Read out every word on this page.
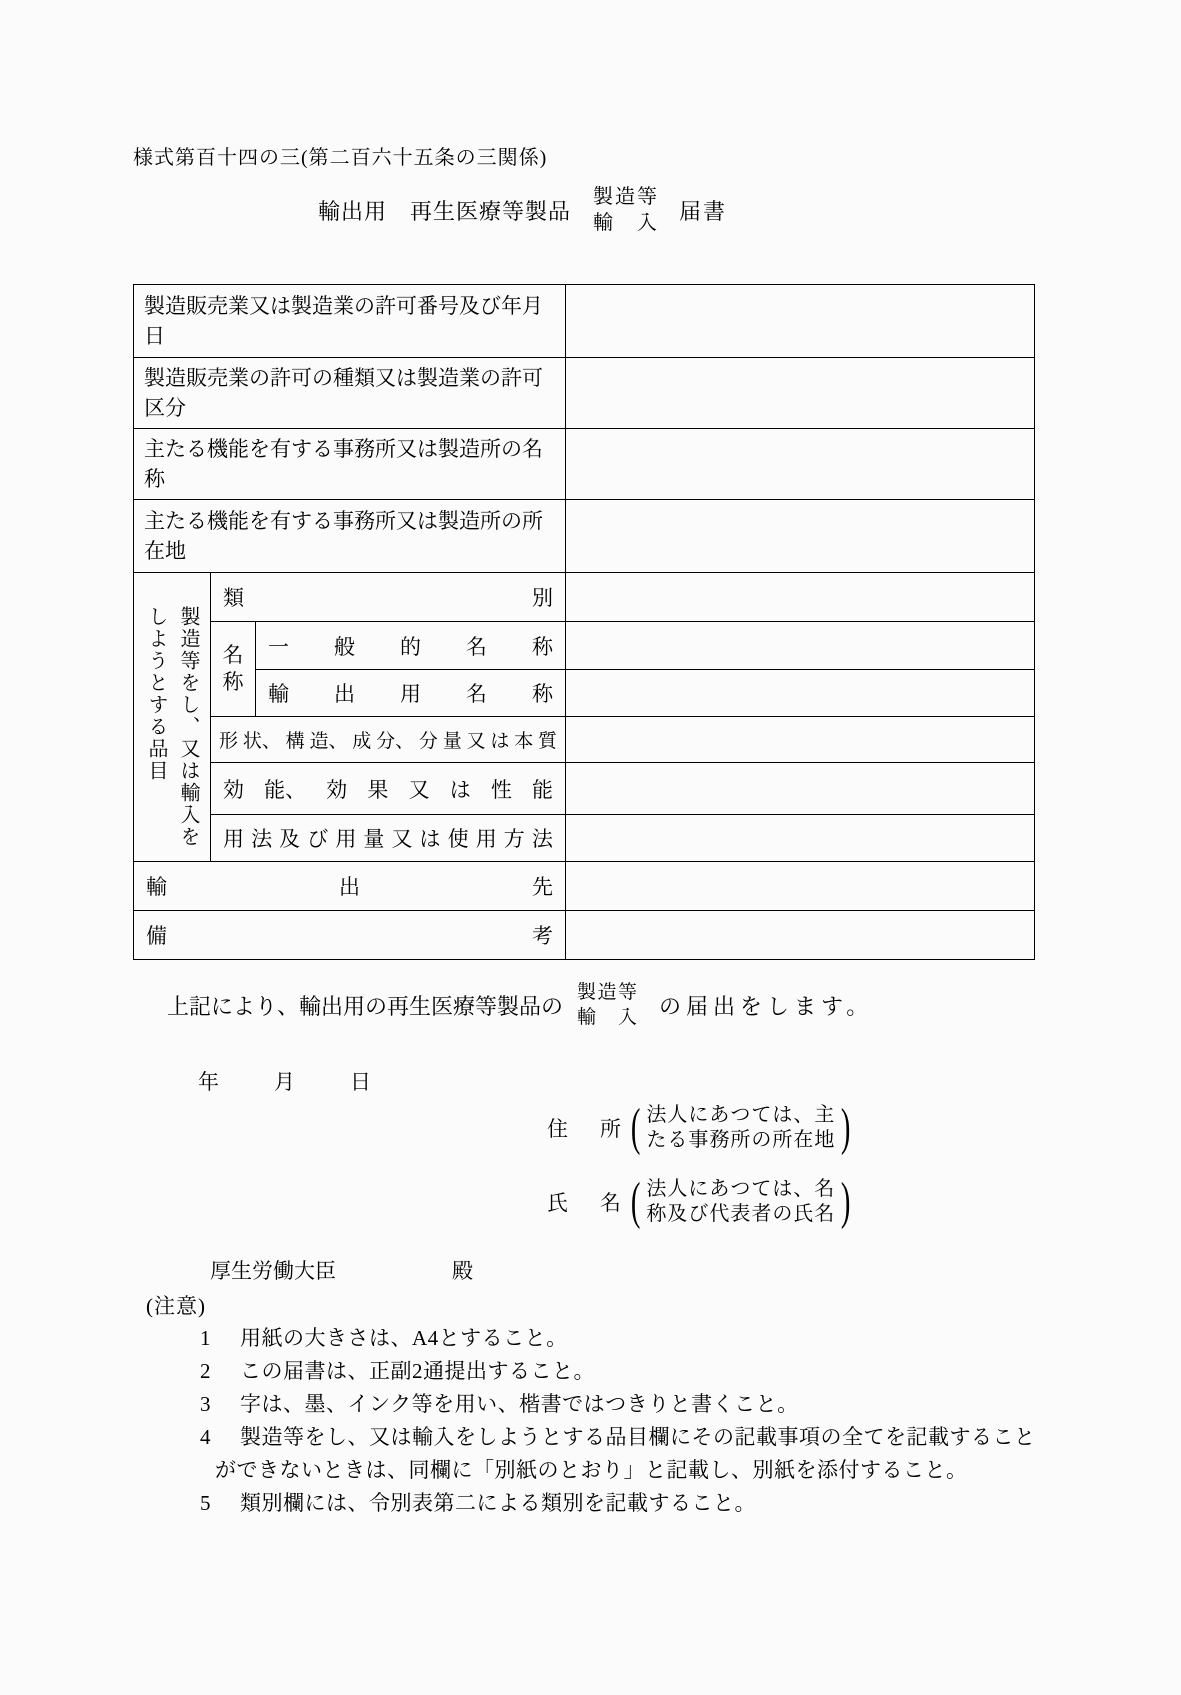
様式第百十四の三(第二百六十五条の三関係)
輸出用　再生医療等製品
製 造 等
輸 入 届書
製造販売業又は製造業の許可番号及び年月日			

製造販売業の許可の種類又は製造業の許可区分			

主たる機能を有する事務所又は製造所の名称			

主たる機能を有する事務所又は製造所の所在地			

製造等をし、又は輸入を
しようとする品目

類	別

	名称	一 般 的 名 称	

		輸 出 用 名 称	

形 状、 構 造、 成 分、 分 量 又 は 本 質

効 能、 効 果 又 は 性 能

用 法 及 び 用 量 又 は 使 用 方 法

輸 出 先			

備 考			

上記により、輸出用の再生医療等製品の
製 造 等
輸 入 の届出をします。
年	月	日
住 所 ( 法人にあつては、主
たる事務所の所在地 )
氏 名 ( 法人にあつては、名
称及び代表者の氏名 )
厚生労働大臣	殿
(注意)
1	用紙の大きさは、A4とすること。
2	この届書は、正副2通提出すること。
3	字は、墨、インク等を用い、楷書ではつきりと書くこと。
4	製造等をし、又は輸入をしようとする品目欄にその記載事項の全てを記載することができないときは、同欄に「別紙のとおり」と記載し、別紙を添付すること。
5	類別欄には、令別表第二による類別を記載すること。
